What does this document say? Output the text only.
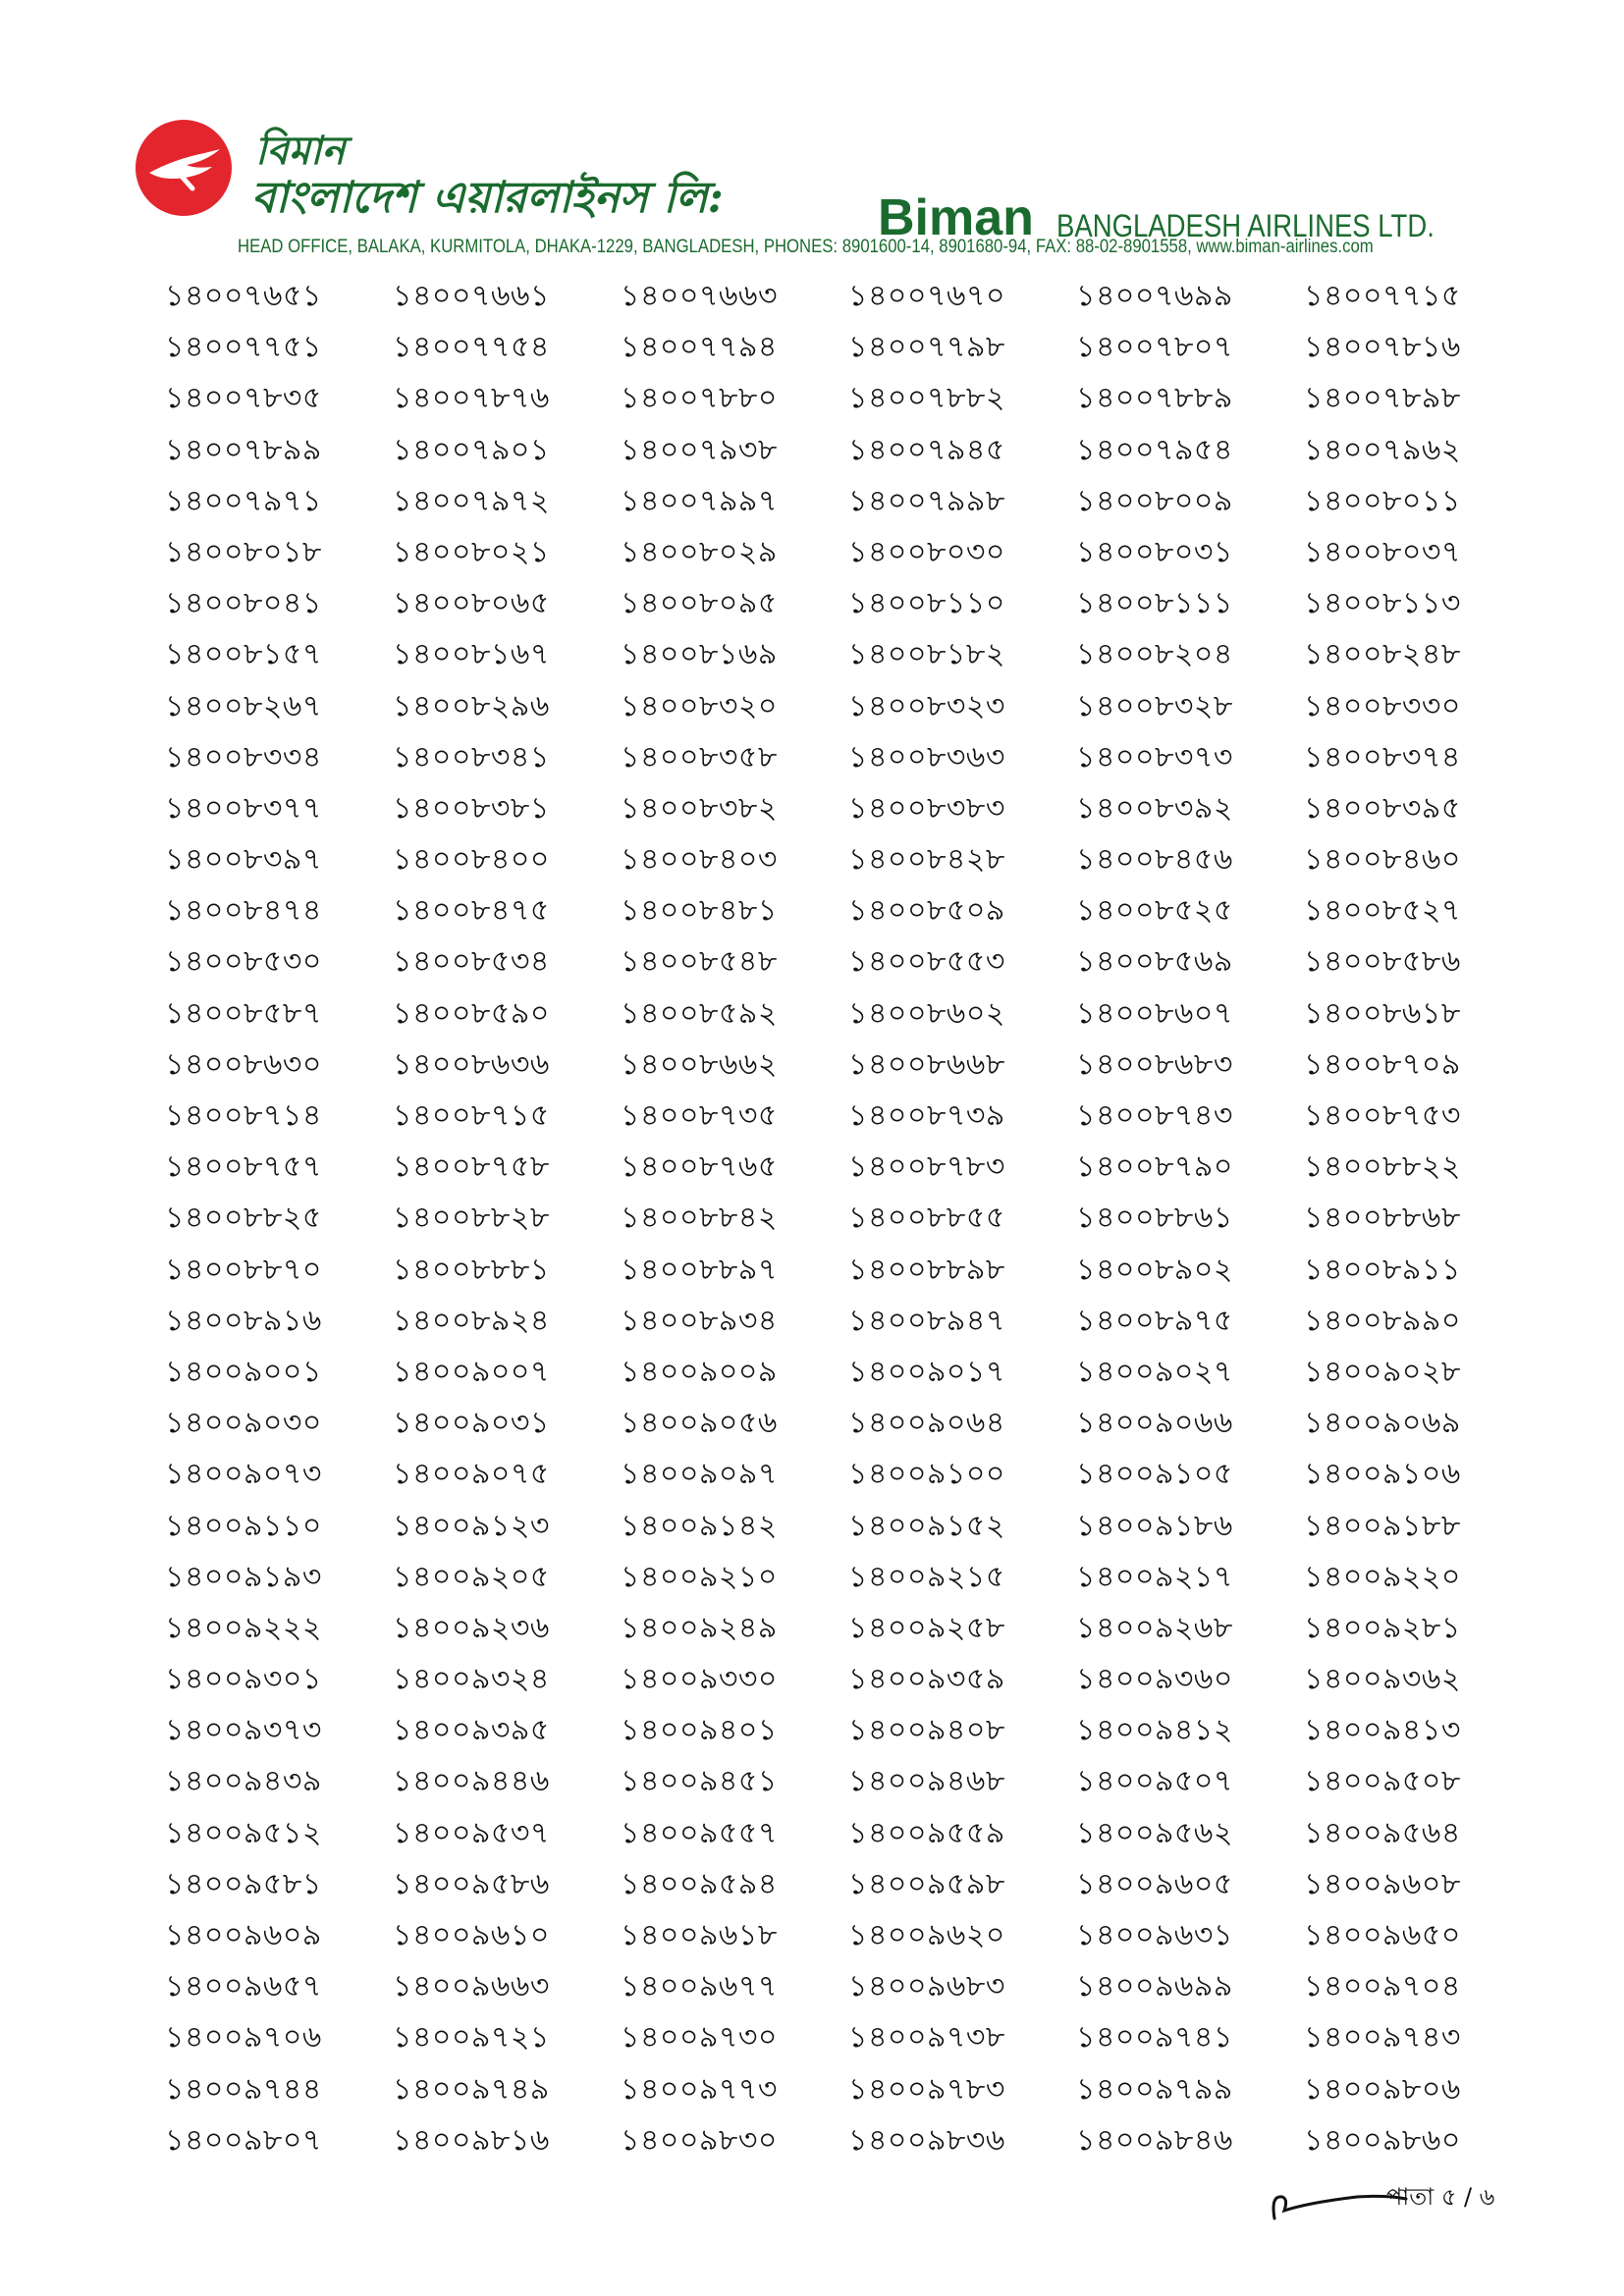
বিমান
বাংলাদেশ এয়ারলাইনস লি:	Biman BANGLADESH AIRLINES LTD.
HEAD OFFICE, BALAKA, KURMITOLA, DHAKA-1229, BANGLADESH, PHONES: 8901600-14, 8901680-94, FAX: 88-02-8901558, www.biman-airlines.com
১৪০০৭৬৫১	১৪০০৭৬৬১	১৪০০৭৬৬৩	১৪০০৭৬৭০	১৪০০৭৬৯৯	১৪০০৭৭১৫
১৪০০৭৭৫১	১৪০০৭৭৫৪	১৪০০৭৭৯৪	১৪০০৭৭৯৮	১৪০০৭৮০৭	১৪০০৭৮১৬
১৪০০৭৮৩৫	১৪০০৭৮৭৬	১৪০০৭৮৮০	১৪০০৭৮৮২	১৪০০৭৮৮৯	১৪০০৭৮৯৮
১৪০০৭৮৯৯	১৪০০৭৯০১	১৪০০৭৯৩৮	১৪০০৭৯৪৫	১৪০০৭৯৫৪	১৪০০৭৯৬২
১৪০০৭৯৭১	১৪০০৭৯৭২	১৪০০৭৯৯৭	১৪০০৭৯৯৮	১৪০০৮০০৯	১৪০০৮০১১
১৪০০৮০১৮	১৪০০৮০২১	১৪০০৮০২৯	১৪০০৮০৩০	১৪০০৮০৩১	১৪০০৮০৩৭
১৪০০৮০৪১	১৪০০৮০৬৫	১৪০০৮০৯৫	১৪০০৮১১০	১৪০০৮১১১	১৪০০৮১১৩
১৪০০৮১৫৭	১৪০০৮১৬৭	১৪০০৮১৬৯	১৪০০৮১৮২	১৪০০৮২০৪	১৪০০৮২৪৮
১৪০০৮২৬৭	১৪০০৮২৯৬	১৪০০৮৩২০	১৪০০৮৩২৩	১৪০০৮৩২৮	১৪০০৮৩৩০
১৪০০৮৩৩৪	১৪০০৮৩৪১	১৪০০৮৩৫৮	১৪০০৮৩৬৩	১৪০০৮৩৭৩	১৪০০৮৩৭৪
১৪০০৮৩৭৭	১৪০০৮৩৮১	১৪০০৮৩৮২	১৪০০৮৩৮৩	১৪০০৮৩৯২	১৪০০৮৩৯৫
১৪০০৮৩৯৭	১৪০০৮৪০০	১৪০০৮৪০৩	১৪০০৮৪২৮	১৪০০৮৪৫৬	১৪০০৮৪৬০
১৪০০৮৪৭৪	১৪০০৮৪৭৫	১৪০০৮৪৮১	১৪০০৮৫০৯	১৪০০৮৫২৫	১৪০০৮৫২৭
১৪০০৮৫৩০	১৪০০৮৫৩৪	১৪০০৮৫৪৮	১৪০০৮৫৫৩	১৪০০৮৫৬৯	১৪০০৮৫৮৬
১৪০০৮৫৮৭	১৪০০৮৫৯০	১৪০০৮৫৯২	১৪০০৮৬০২	১৪০০৮৬০৭	১৪০০৮৬১৮
১৪০০৮৬৩০	১৪০০৮৬৩৬	১৪০০৮৬৬২	১৪০০৮৬৬৮	১৪০০৮৬৮৩	১৪০০৮৭০৯
১৪০০৮৭১৪	১৪০০৮৭১৫	১৪০০৮৭৩৫	১৪০০৮৭৩৯	১৪০০৮৭৪৩	১৪০০৮৭৫৩
১৪০০৮৭৫৭	১৪০০৮৭৫৮	১৪০০৮৭৬৫	১৪০০৮৭৮৩	১৪০০৮৭৯০	১৪০০৮৮২২
১৪০০৮৮২৫	১৪০০৮৮২৮	১৪০০৮৮৪২	১৪০০৮৮৫৫	১৪০০৮৮৬১	১৪০০৮৮৬৮
১৪০০৮৮৭০	১৪০০৮৮৮১	১৪০০৮৮৯৭	১৪০০৮৮৯৮	১৪০০৮৯০২	১৪০০৮৯১১
১৪০০৮৯১৬	১৪০০৮৯২৪	১৪০০৮৯৩৪	১৪০০৮৯৪৭	১৪০০৮৯৭৫	১৪০০৮৯৯০
১৪০০৯০০১	১৪০০৯০০৭	১৪০০৯০০৯	১৪০০৯০১৭	১৪০০৯০২৭	১৪০০৯০২৮
১৪০০৯০৩০	১৪০০৯০৩১	১৪০০৯০৫৬	১৪০০৯০৬৪	১৪০০৯০৬৬	১৪০০৯০৬৯
১৪০০৯০৭৩	১৪০০৯০৭৫	১৪০০৯০৯৭	১৪০০৯১০০	১৪০০৯১০৫	১৪০০৯১০৬
১৪০০৯১১০	১৪০০৯১২৩	১৪০০৯১৪২	১৪০০৯১৫২	১৪০০৯১৮৬	১৪০০৯১৮৮
১৪০০৯১৯৩	১৪০০৯২০৫	১৪০০৯২১০	১৪০০৯২১৫	১৪০০৯২১৭	১৪০০৯২২০
১৪০০৯২২২	১৪০০৯২৩৬	১৪০০৯২৪৯	১৪০০৯২৫৮	১৪০০৯২৬৮	১৪০০৯২৮১
১৪০০৯৩০১	১৪০০৯৩২৪	১৪০০৯৩৩০	১৪০০৯৩৫৯	১৪০০৯৩৬০	১৪০০৯৩৬২
১৪০০৯৩৭৩	১৪০০৯৩৯৫	১৪০০৯৪০১	১৪০০৯৪০৮	১৪০০৯৪১২	১৪০০৯৪১৩
১৪০০৯৪৩৯	১৪০০৯৪৪৬	১৪০০৯৪৫১	১৪০০৯৪৬৮	১৪০০৯৫০৭	১৪০০৯৫০৮
১৪০০৯৫১২	১৪০০৯৫৩৭	১৪০০৯৫৫৭	১৪০০৯৫৫৯	১৪০০৯৫৬২	১৪০০৯৫৬৪
১৪০০৯৫৮১	১৪০০৯৫৮৬	১৪০০৯৫৯৪	১৪০০৯৫৯৮	১৪০০৯৬০৫	১৪০০৯৬০৮
১৪০০৯৬০৯	১৪০০৯৬১০	১৪০০৯৬১৮	১৪০০৯৬২০	১৪০০৯৬৩১	১৪০০৯৬৫০
১৪০০৯৬৫৭	১৪০০৯৬৬৩	১৪০০৯৬৭৭	১৪০০৯৬৮৩	১৪০০৯৬৯৯	১৪০০৯৭০৪
১৪০০৯৭০৬	১৪০০৯৭২১	১৪০০৯৭৩০	১৪০০৯৭৩৮	১৪০০৯৭৪১	১৪০০৯৭৪৩
১৪০০৯৭৪৪	১৪০০৯৭৪৯	১৪০০৯৭৭৩	১৪০০৯৭৮৩	১৪০০৯৭৯৯	১৪০০৯৮০৬
১৪০০৯৮০৭	১৪০০৯৮১৬	১৪০০৯৮৩০	১৪০০৯৮৩৬	১৪০০৯৮৪৬	১৪০০৯৮৬০
পাতা ৫ / ৬
